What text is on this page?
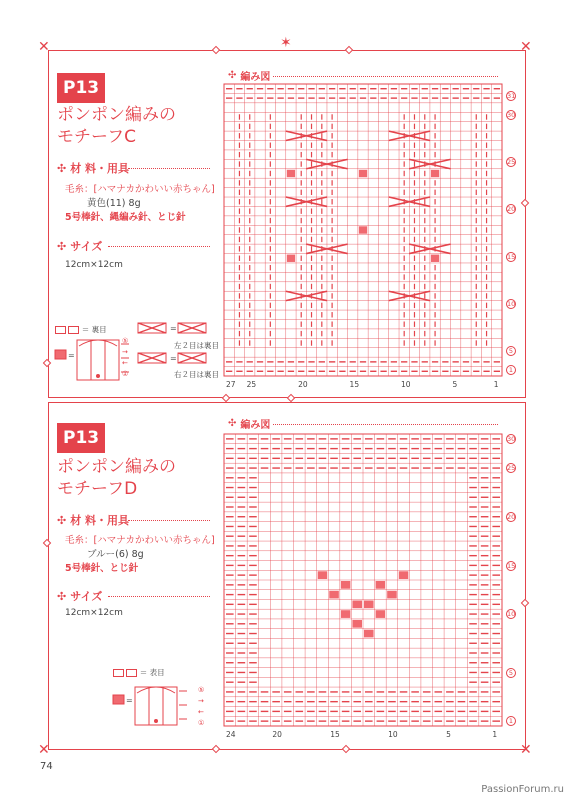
✕	✕
✕	✕
✶
P13
ポンポン編みの
モチーフC
✣ 材 料・用具
毛糸：[ハマナカかわいい赤ちゃん]
黄色(11) 8g
5号棒針、縄編み針、とじ針
✣ サイズ
12cm×12cm
＝ 裏目	=
左２目は裏目
=
右２目は裏目
=
⑤
→
←
①
✣ 編み図
27 25	20	15	10	5	1
31
30
25
20
15
10
5
1
P13
ポンポン編みの
モチーフD
✣ 材 料・用具
毛糸：[ハマナカかわいい赤ちゃん]
ブルー(6) 8g
5号棒針、とじ針
✣ サイズ
12cm×12cm
＝ 表目
=
⑤
→
←
①
✣ 編み図
24	20	15	10	5	1
30
25
20
15
10
5
1
74
PassionForum.ru
